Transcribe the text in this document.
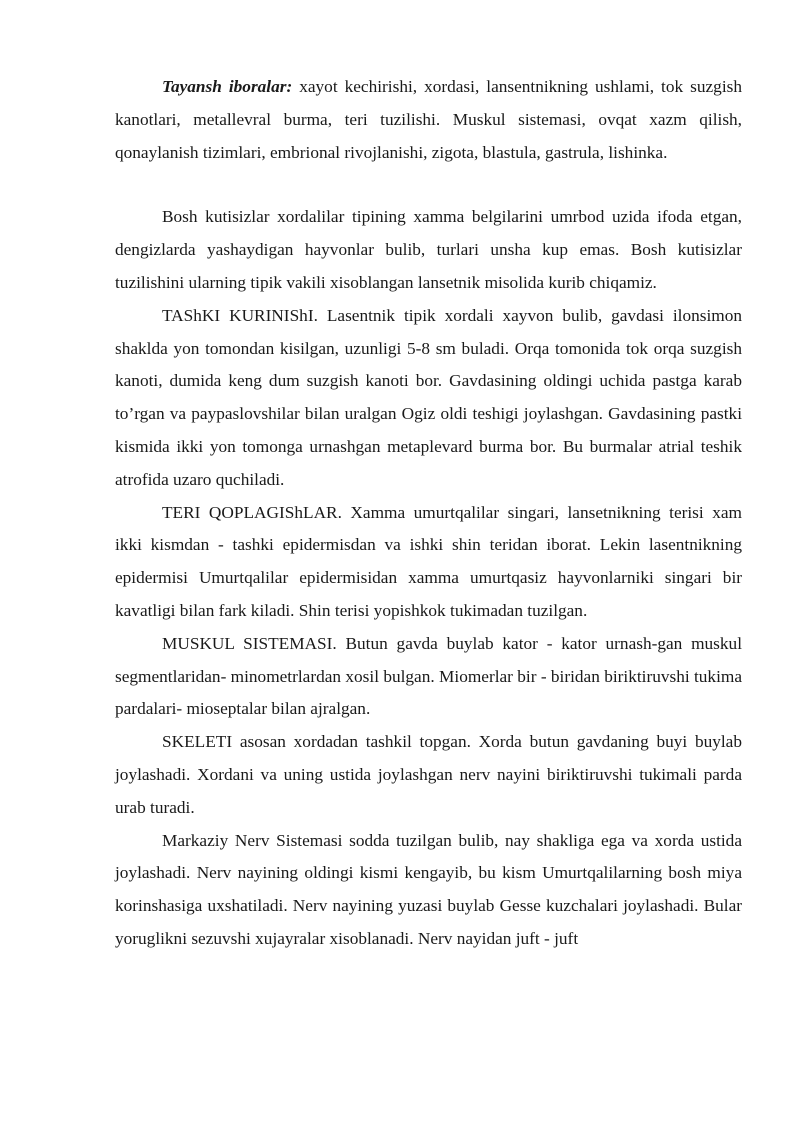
Tayansh iboralar: xayot kechirishi, xordasi, lansentnikning ushlami, tok suzgish kanotlari, metallevral burma, teri tuzilishi. Muskul sistemasi, ovqat xazm qilish, qonaylanish tizimlari, embrional rivojlanishi, zigota, blastula, gastrula, lishinka.

Bosh kutisizlar xordalilar tipining xamma belgilarini umrbod uzida ifoda etgan, dengizlarda yashaydigan hayvonlar bulib, turlari unsha kup emas. Bosh kutisizlar tuzilishini ularning tipik vakili xisoblangan lansetnik misolida kurib chiqamiz.

TAShKI KURINIShI. Lasentnik tipik xordali xayvon bulib, gavdasi ilonsimon shaklda yon tomondan kisilgan, uzunligi 5-8 sm buladi. Orqa tomonida tok orqa suzgish kanoti, dumida keng dum suzgish kanoti bor. Gavdasining oldingi uchida pastga karab to’rgan va paypaslovshilar bilan uralgan Ogiz oldi teshigi joylashgan. Gavdasining pastki kismida ikki yon tomonga urnashgan metaplevard burma bor. Bu burmalar atrial teshik atrofida uzaro quchiladi.

TERI QOPLAGIShLAR. Xamma umurtqalilar singari, lansetnikning terisi xam ikki kismdan - tashki epidermisdan va ishki shin teridan iborat. Lekin lasentnikning epidermisi Umurtqalilar epidermisidan xamma umurtqasiz hayvonlarniki singari bir kavatligi bilan fark kiladi. Shin terisi yopishkok tukimadan tuzilgan.

MUSKUL SISTEMASI. Butun gavda buylab kator - kator urnash-gan muskul segmentlaridan- minometrlardan xosil bulgan. Miomerlar bir - biridan biriktiruvshi tukima pardalari- mioseptalar bilan ajralgan.

SKELETI asosan xordadan tashkil topgan. Xorda butun gavdaning buyi buylab joylashadi. Xordani va uning ustida joylashgan nerv nayini biriktiruvshi tukimali parda urab turadi.

Markaziy Nerv Sistemasi sodda tuzilgan bulib, nay shakliga ega va xorda ustida joylashadi. Nerv nayining oldingi kismi kengayib, bu kism Umurtqalilarning bosh miya korinshasiga uxshatiladi. Nerv nayining yuzasi buylab Gesse kuzchalari joylashadi. Bular yoruglikni sezuvshi xujayralar xisoblanadi. Nerv nayidan juft - juft
